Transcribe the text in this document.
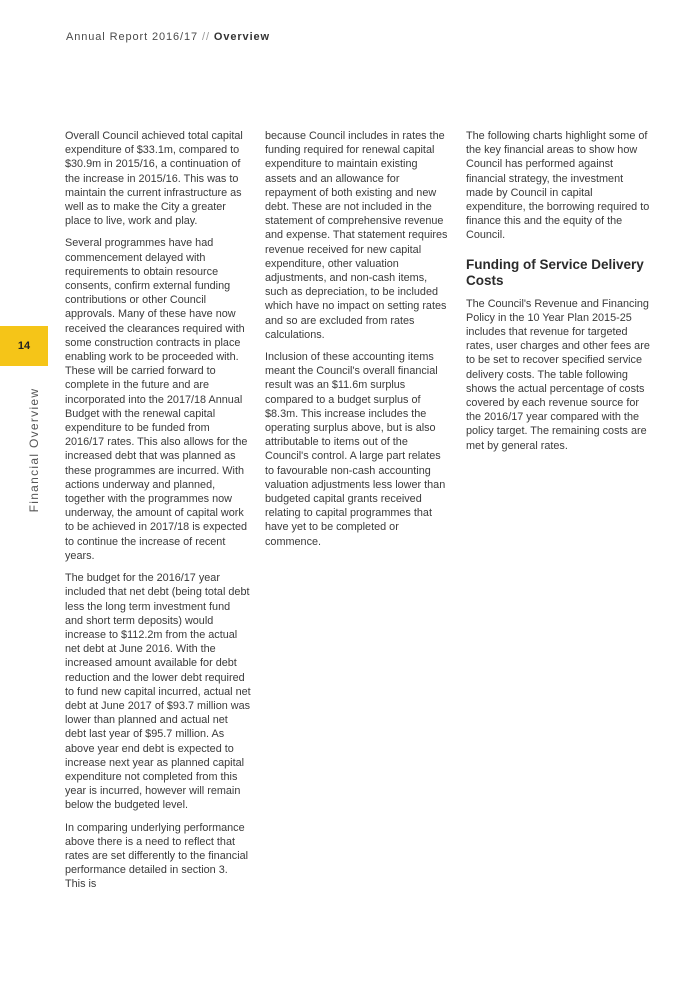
Annual Report 2016/17 // Overview
14
Financial Overview

Overall Council achieved total capital expenditure of $33.1m, compared to $30.9m in 2015/16, a continuation of the increase in 2015/16. This was to maintain the current infrastructure as well as to make the City a greater place to live, work and play.

Several programmes have had commencement delayed with requirements to obtain resource consents, confirm external funding contributions or other Council approvals. Many of these have now received the clearances required with some construction contracts in place enabling work to be proceeded with. These will be carried forward to complete in the future and are incorporated into the 2017/18 Annual Budget with the renewal capital expenditure to be funded from 2016/17 rates. This also allows for the increased debt that was planned as these programmes are incurred. With actions underway and planned, together with the programmes now underway, the amount of capital work to be achieved in 2017/18 is expected to continue the increase of recent years.

The budget for the 2016/17 year included that net debt (being total debt less the long term investment fund and short term deposits) would increase to $112.2m from the actual net debt at June 2016. With the increased amount available for debt reduction and the lower debt required to fund new capital incurred, actual net debt at June 2017 of $93.7 million was lower than planned and actual net debt last year of $95.7 million. As above year end debt is expected to increase next year as planned capital expenditure not completed from this year is incurred, however will remain below the budgeted level.

In comparing underlying performance above there is a need to reflect that rates are set differently to the financial performance detailed in section 3. This is

because Council includes in rates the funding required for renewal capital expenditure to maintain existing assets and an allowance for repayment of both existing and new debt. These are not included in the statement of comprehensive revenue and expense. That statement requires revenue received for new capital expenditure, other valuation adjustments, and non-cash items, such as depreciation, to be included which have no impact on setting rates and so are excluded from rates calculations.

Inclusion of these accounting items meant the Council's overall financial result was an $11.6m surplus compared to a budget surplus of $8.3m. This increase includes the operating surplus above, but is also attributable to items out of the Council's control. A large part relates to favourable non-cash accounting valuation adjustments less lower than budgeted capital grants received relating to capital programmes that have yet to be completed or commence.

The following charts highlight some of the key financial areas to show how Council has performed against financial strategy, the investment made by Council in capital expenditure, the borrowing required to finance this and the equity of the Council.

Funding of Service Delivery Costs

The Council's Revenue and Financing Policy in the 10 Year Plan 2015-25 includes that revenue for targeted rates, user charges and other fees are to be set to recover specified service delivery costs. The table following shows the actual percentage of costs covered by each revenue source for the 2016/17 year compared with the policy target. The remaining costs are met by general rates.
